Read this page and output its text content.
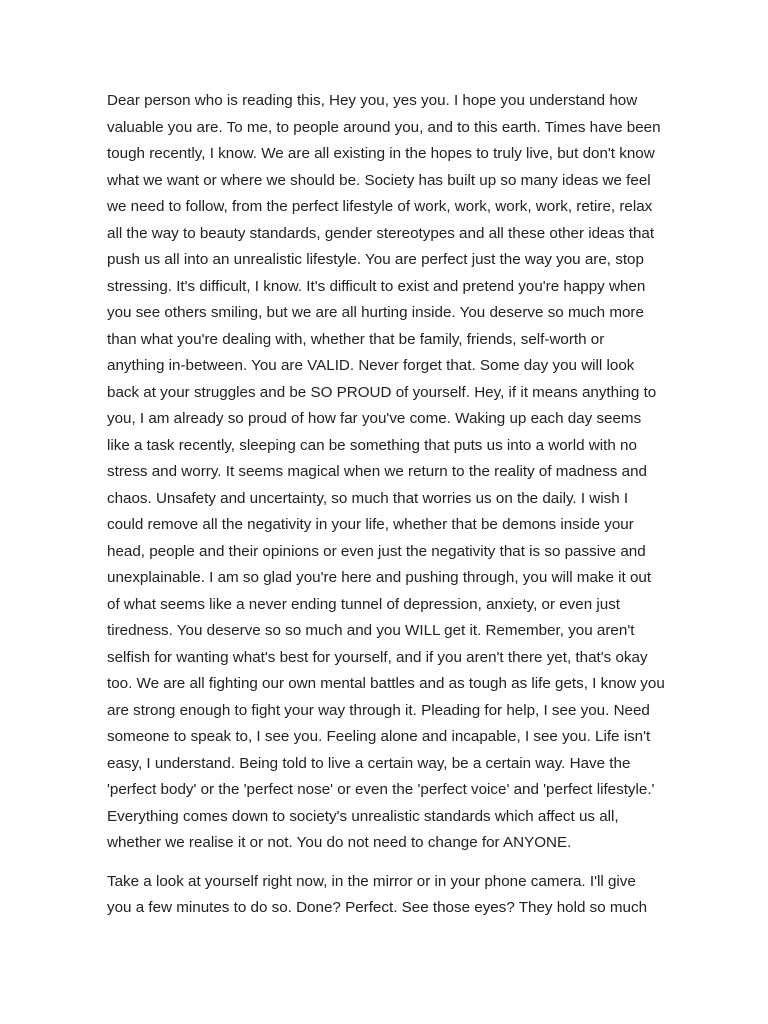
Dear person who is reading this, Hey you, yes you. I hope you understand how
valuable you are. To me, to people around you, and to this earth. Times have been
tough recently, I know. We are all existing in the hopes to truly live, but don't know
what we want or where we should be. Society has built up so many ideas we feel
we need to follow, from the perfect lifestyle of work, work, work, work, retire, relax
all the way to beauty standards, gender stereotypes and all these other ideas that
push us all into an unrealistic lifestyle. You are perfect just the way you are, stop
stressing. It's difficult, I know. It's difficult to exist and pretend you're happy when
you see others smiling, but we are all hurting inside. You deserve so much more
than what you're dealing with, whether that be family, friends, self-worth or
anything in-between. You are VALID. Never forget that. Some day you will look
back at your struggles and be SO PROUD of yourself. Hey, if it means anything to
you, I am already so proud of how far you've come. Waking up each day seems
like a task recently, sleeping can be something that puts us into a world with no
stress and worry. It seems magical when we return to the reality of madness and
chaos. Unsafety and uncertainty, so much that worries us on the daily. I wish I
could remove all the negativity in your life, whether that be demons inside your
head, people and their opinions or even just the negativity that is so passive and
unexplainable. I am so glad you're here and pushing through, you will make it out
of what seems like a never ending tunnel of depression, anxiety, or even just
tiredness. You deserve so so much and you WILL get it. Remember, you aren't
selfish for wanting what's best for yourself, and if you aren't there yet, that's okay
too. We are all fighting our own mental battles and as tough as life gets, I know you
are strong enough to fight your way through it. Pleading for help, I see you. Need
someone to speak to, I see you. Feeling alone and incapable, I see you. Life isn't
easy, I understand. Being told to live a certain way, be a certain way. Have the
'perfect body' or the 'perfect nose' or even the 'perfect voice' and 'perfect lifestyle.'
Everything comes down to society's unrealistic standards which affect us all,
whether we realise it or not. You do not need to change for ANYONE.
Take a look at yourself right now, in the mirror or in your phone camera. I'll give
you a few minutes to do so. Done? Perfect. See those eyes? They hold so much
